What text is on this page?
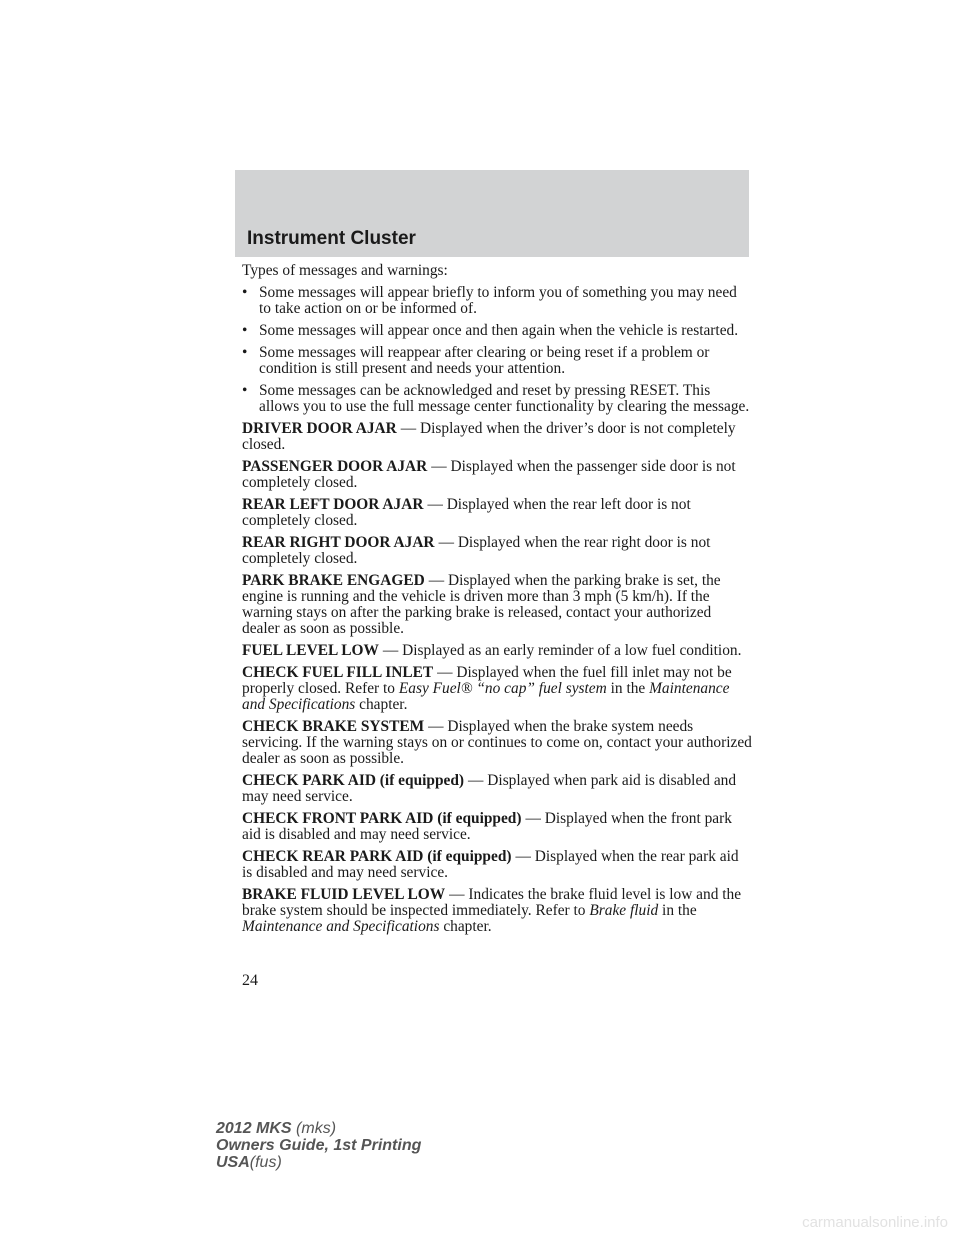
Instrument Cluster

Types of messages and warnings:

• Some messages will appear briefly to inform you of something you may need to take action on or be informed of.
• Some messages will appear once and then again when the vehicle is restarted.
• Some messages will reappear after clearing or being reset if a problem or condition is still present and needs your attention.
• Some messages can be acknowledged and reset by pressing RESET. This allows you to use the full message center functionality by clearing the message.

DRIVER DOOR AJAR — Displayed when the driver’s door is not completely closed.

PASSENGER DOOR AJAR — Displayed when the passenger side door is not completely closed.

REAR LEFT DOOR AJAR — Displayed when the rear left door is not completely closed.

REAR RIGHT DOOR AJAR — Displayed when the rear right door is not completely closed.

PARK BRAKE ENGAGED — Displayed when the parking brake is set, the engine is running and the vehicle is driven more than 3 mph (5 km/h). If the warning stays on after the parking brake is released, contact your authorized dealer as soon as possible.

FUEL LEVEL LOW — Displayed as an early reminder of a low fuel condition.

CHECK FUEL FILL INLET — Displayed when the fuel fill inlet may not be properly closed. Refer to Easy Fuel® “no cap” fuel system in the Maintenance and Specifications chapter.

CHECK BRAKE SYSTEM — Displayed when the brake system needs servicing. If the warning stays on or continues to come on, contact your authorized dealer as soon as possible.

CHECK PARK AID (if equipped) — Displayed when park aid is disabled and may need service.

CHECK FRONT PARK AID (if equipped) — Displayed when the front park aid is disabled and may need service.

CHECK REAR PARK AID (if equipped) — Displayed when the rear park aid is disabled and may need service.

BRAKE FLUID LEVEL LOW — Indicates the brake fluid level is low and the brake system should be inspected immediately. Refer to Brake fluid in the Maintenance and Specifications chapter.

24
2012 MKS (mks)
Owners Guide, 1st Printing
USA(fus)
carmanualsonline.info
